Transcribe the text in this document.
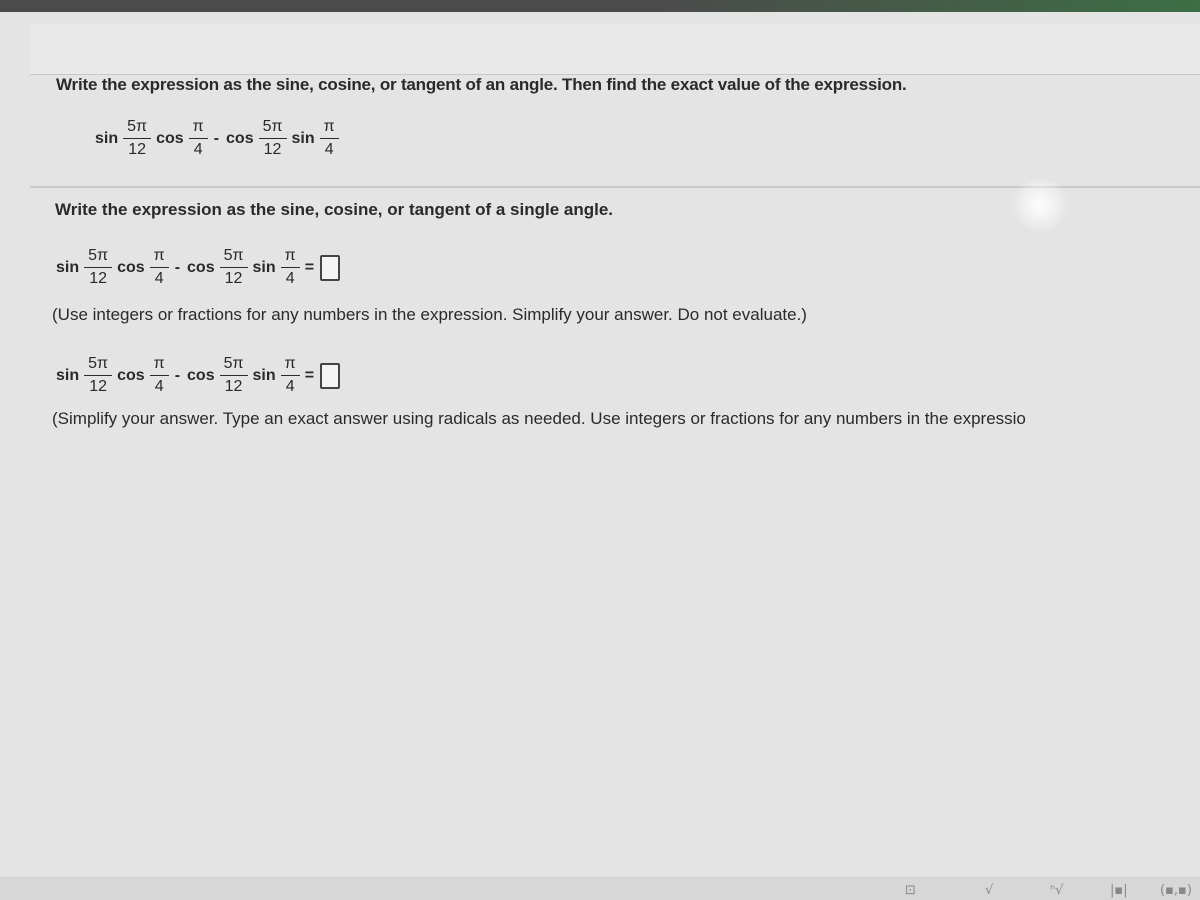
Write the expression as the sine, cosine, or tangent of an angle. Then find the exact value of the expression.
$\sin \frac{5\pi}{12}$ $\cos \frac{\pi}{4}$ - $\cos \frac{5\pi}{12}$ $\sin \frac{\pi}{4}$
Write the expression as the sine, cosine, or tangent of a single angle.
$\sin \frac{5\pi}{12}$ $\cos \frac{\pi}{4}$ - $\cos \frac{5\pi}{12}$ $\sin \frac{\pi}{4}$ =
(Use integers or fractions for any numbers in the expression. Simplify your answer. Do not evaluate.)
$\sin \frac{5\pi}{12}$ $\cos \frac{\pi}{4}$ - $\cos \frac{5\pi}{12}$ $\sin \frac{\pi}{4}$ =
(Simplify your answer. Type an exact answer using radicals as needed. Use integers or fractions for any numbers in the expressio
⊡	√	ⁿ√	|▪| (▪,▪)
